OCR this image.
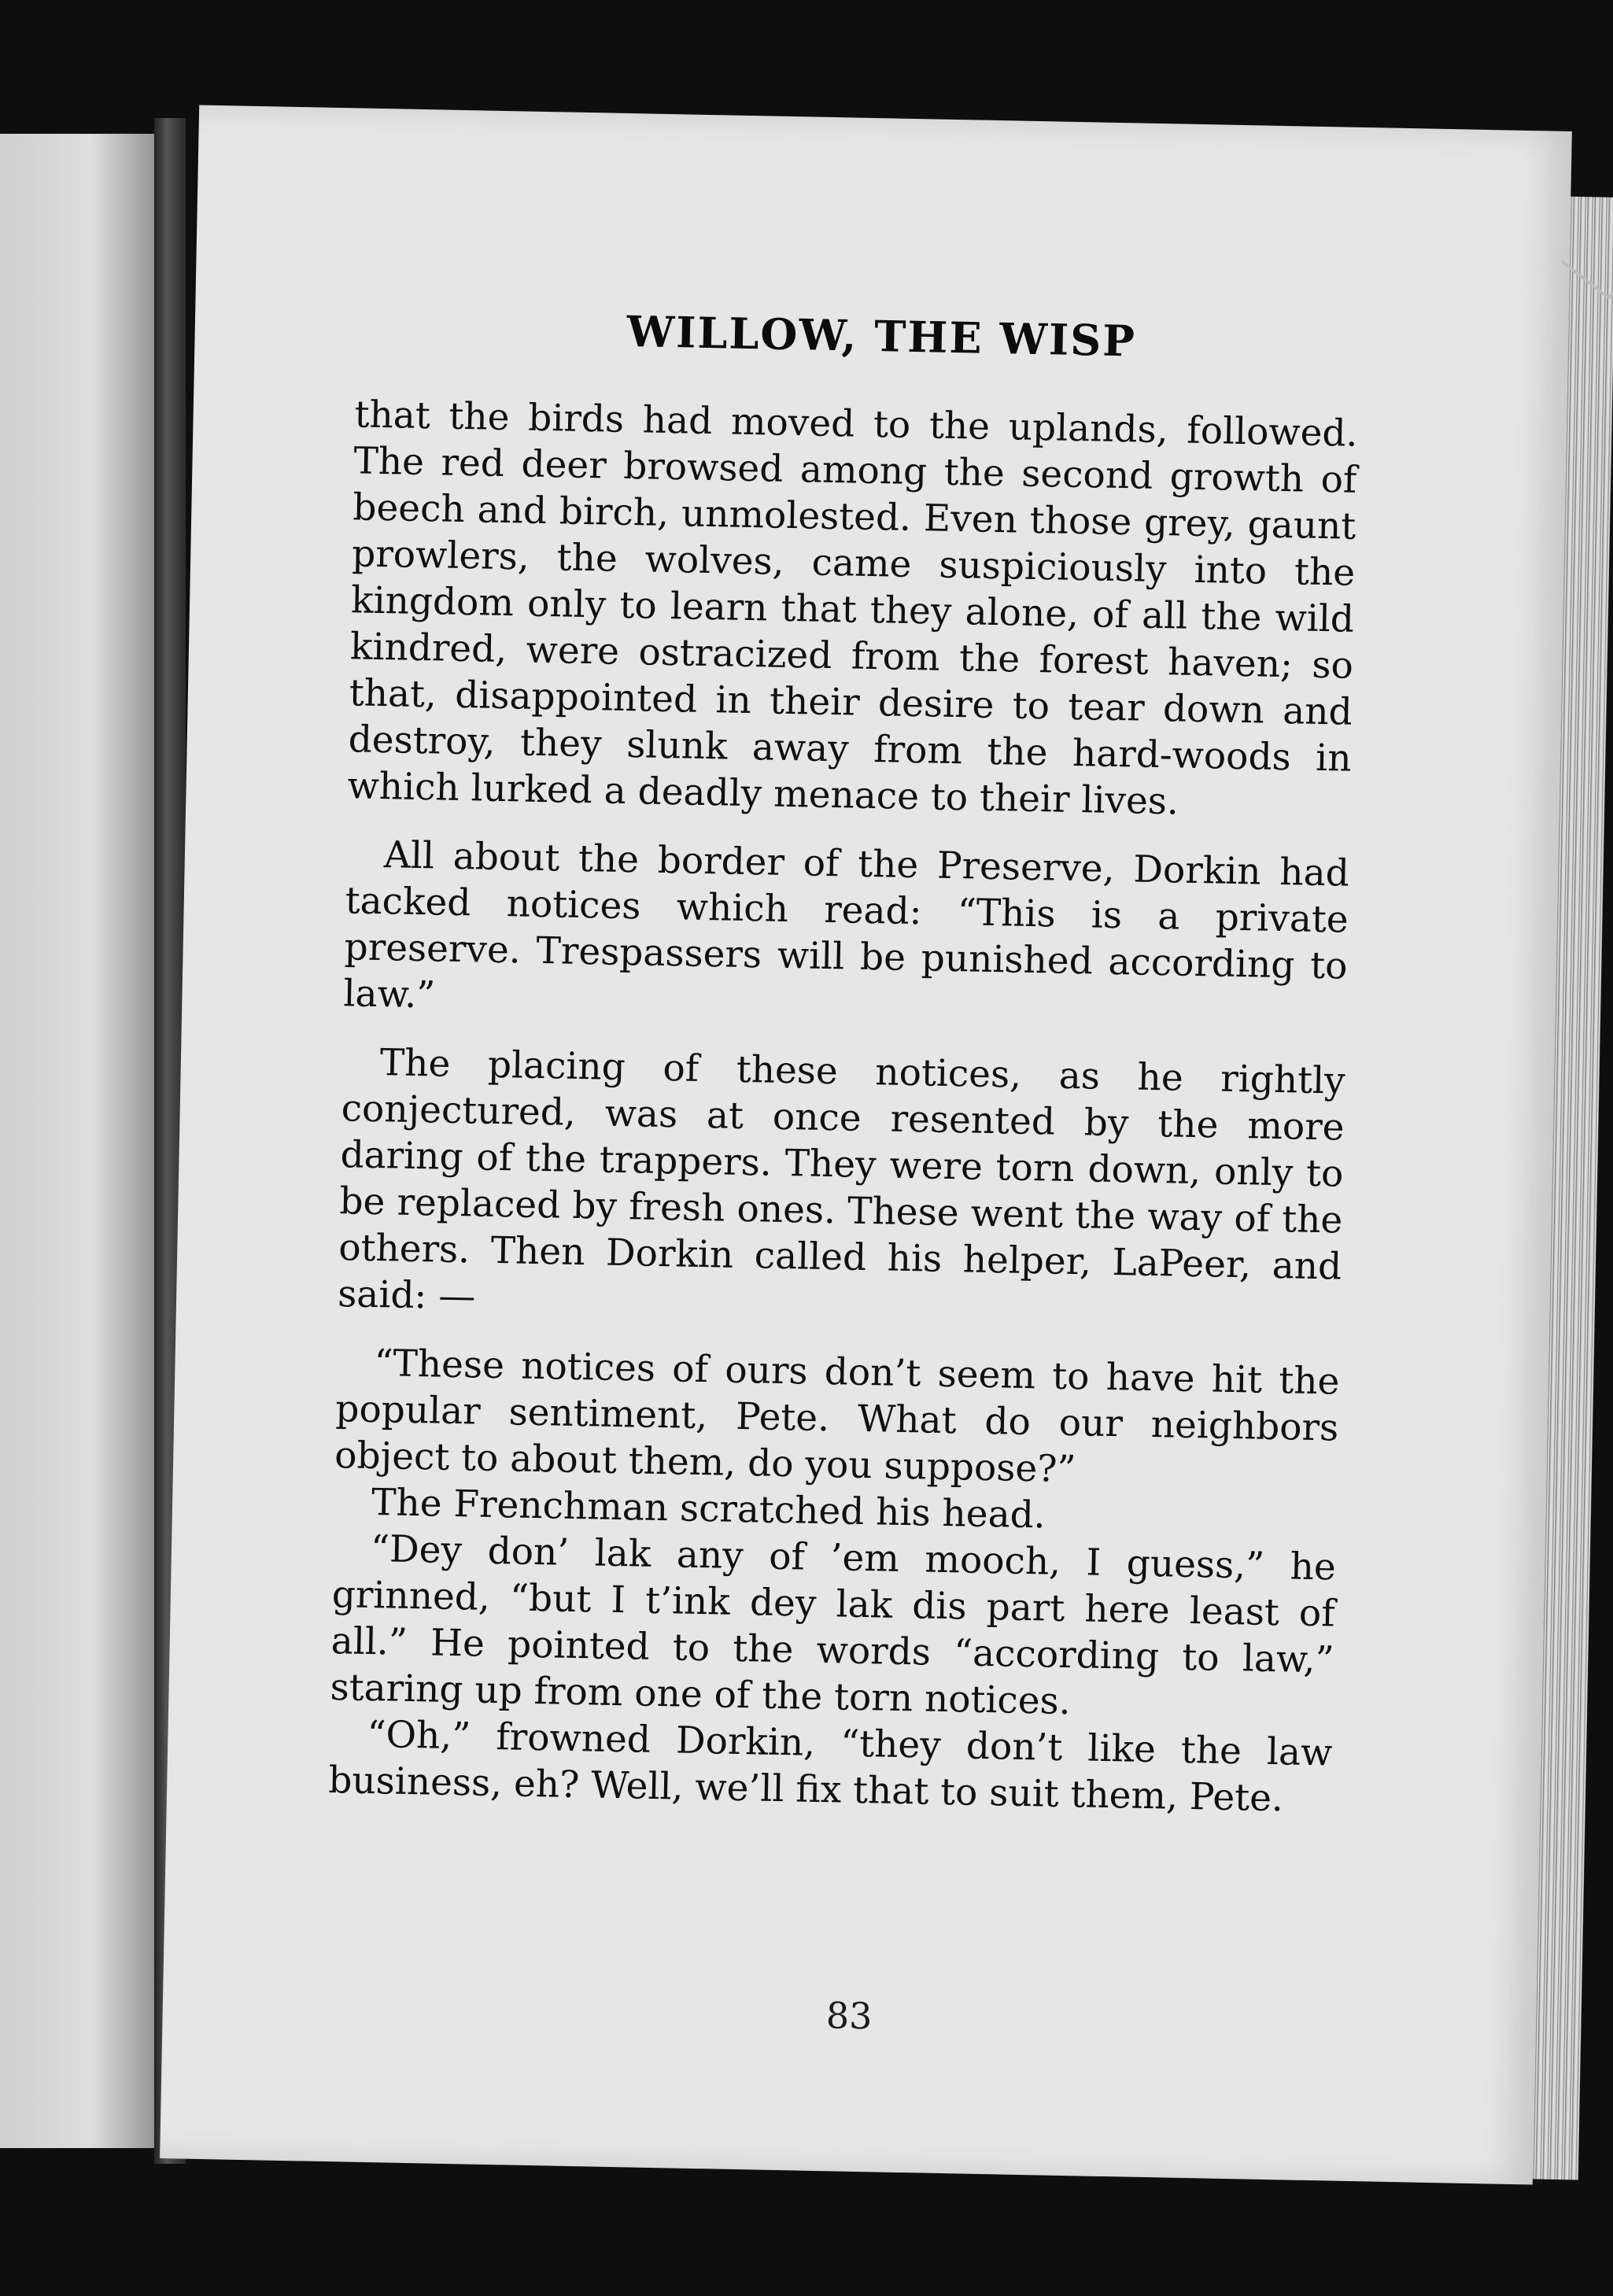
WILLOW, THE WISP

that the birds had moved to the uplands, followed. The red deer browsed among the second growth of beech and birch, unmolested. Even those grey, gaunt prowlers, the wolves, came suspiciously into the kingdom only to learn that they alone, of all the wild kindred, were ostracized from the forest haven; so that, disappointed in their desire to tear down and destroy, they slunk away from the hard-woods in which lurked a deadly menace to their lives.

All about the border of the Preserve, Dorkin had tacked notices which read: “This is a private preserve. Trespassers will be punished according to law.”

The placing of these notices, as he rightly conjectured, was at once resented by the more daring of the trappers. They were torn down, only to be replaced by fresh ones. These went the way of the others. Then Dorkin called his helper, LaPeer, and said: —

“These notices of ours don’t seem to have hit the popular sentiment, Pete. What do our neighbors object to about them, do you suppose?”

The Frenchman scratched his head.

“Dey don’ lak any of ’em mooch, I guess,” he grinned, “but I t’ink dey lak dis part here least of all.” He pointed to the words “according to law,” staring up from one of the torn notices.

“Oh,” frowned Dorkin, “they don’t like the law business, eh? Well, we’ll fix that to suit them, Pete.

83
